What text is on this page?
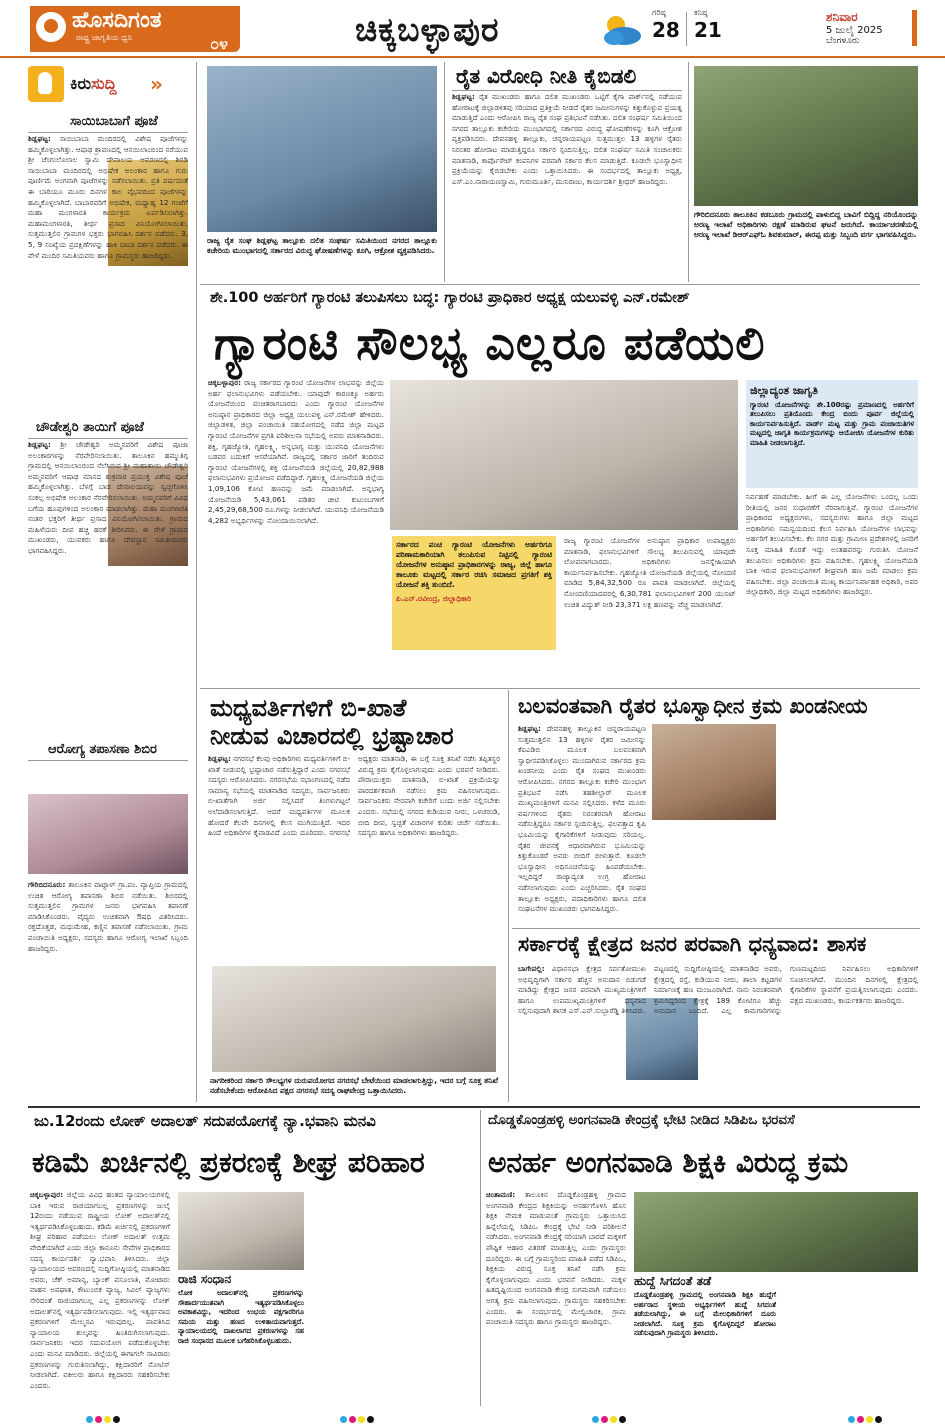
ಹೊಸದಿಗಂತ
ರಾಷ್ಟ್ರ ಜಾಗೃತಿಯ ಧ್ವನಿ	೦೪	ಚಿಕ್ಕಬಳ್ಳಾಪುರ	ಗರಿಷ್ಠ
28
ಕನಿಷ್ಠ
21
ಶನಿವಾರ
5 ಜುಲೈ 2025
ಬೆಂಗಳೂರು
ಕಿರುಸುದ್ದಿ »
ಸಾಯಿಬಾಬಾಗೆ ಪೂಜೆ
ಶಿಡ್ಲಘಟ್ಟ: ಸಾಯಿಬಾಬಾ ಮಂದಿರದಲ್ಲಿ ವಿಶೇಷ ಪೂಜೆಗಳನ್ನು ಹಮ್ಮಿಕೊಳ್ಳಲಾಗಿತ್ತು. ಆಷಾಢ ಶ್ರಾವಣದಲ್ಲಿ ಆನಯಿಲಾಂಬಿಂದ ನರೆಯುವ ಶ್ರೀ ಚೆಂಗುಲೊಲಾಲ ಸ್ವಾಮಿ ದೇವಾಲಯ ಆವರಣದಲ್ಲಿ ಶಿರಡಿ ಸಾಯಿಬಾಬಾ ಮಂದಿರದಲ್ಲಿ ಅಭಿಷೇಕ ಅಲಂಕಾರ ಹಾಗೂ ಗುರು ಪೂರ್ಣಿಮೆ ಅಂಗವಾಗಿ ಪೂಜೆಗಳನ್ನು ನಡೆಸಲಾಯಿತು. ಪ್ರತಿ ವರ್ಷದಂತೆ ಈ ಬಾರಿಯೂ ಮೂರು ದಿನಗಳ ಕಾಲ ವೈಭವದಿಂದ ಪೂಜೆಗಳನ್ನು ಹಮ್ಮಿಕೊಳ್ಳಲಾಗಿದೆ. ಬಾಬಾರವರಿಗೆ ಅಭಿಷೇಕ, ಮಧ್ಯಾಹ್ನ 12 ಗಂಟೆಗೆ ಮಹಾ ಮಂಗಳಾರತಿ ಕಾರ್ಯಕ್ರಮ ಏರ್ಪಡಿಸಲಾಗಿತ್ತು. ಮಹಾಮಂಗಳಾರತಿ, ತೀರ್ಥ ಪ್ರಸಾದ ವಿನಿಯೋಗಿಸಲಾಯಿತು. ಸುತ್ತಮುತ್ತಲಿನ ಗ್ರಾಮಗಳ ಭಕ್ತರು ಭಾಗವಹಿಸಿ ದರ್ಶನ ಪಡೆದರು. 3, 5, 9 ಸಂಖ್ಯೆಯ ಪ್ರದಕ್ಷಿಣೆಗಳನ್ನು ಹಾಕಿ ಬಾಬಾ ದರ್ಶನ ಪಡೆದರು. ಈ ವೇಳೆ ಮಂದಿರ ಸಮಿತಿಯವರು ಹಾಗೂ ಗ್ರಾಮಸ್ಥರು ಹಾಜರಿದ್ದರು.
ಚೌಡೇಶ್ವರಿ ತಾಯಿಗೆ ಪೂಜೆ
ಶಿಡ್ಲಘಟ್ಟ: ಶ್ರೀ ಚೌಡೇಶ್ವರಿ ಅಮ್ಮನವರಿಗೆ ವಿಶೇಷ ಪೂಜಾ ಅಲಂಕಾರಗಳನ್ನು ನೆರವೇರಿಸಲಾಯಿತು. ತಾಲೂಕಿನ ಹಮ್ಮುತಿಗ್ಗ ಗ್ರಾಮದಲ್ಲಿ ಆನಯಿಲಾಂಬಿಂದ ನೆಲೆಸಿರುವ ಶ್ರೀ ಮಹಾತಾಯಿ ಚೌಡೇಶ್ವರಿ ಅಮ್ಮನವರಿಗೆ ಆಷಾಢ ಮಾಸದ ಶುಕ್ರವಾರ ಪ್ರಯುಕ್ತ ವಿಶೇಷ ಪೂಜೆ ಹಮ್ಮಿಕೊಳ್ಳಲಾಗಿತ್ತು. ಬೆಳಗ್ಗೆ ಬಾಡ ದೇವಾಲಯವನ್ನು ಸ್ವಚ್ಛಗೊಳಿಸಿ ಸಂಕಲ್ಪ ಅಭಿಷೇಕ ಅಲಂಕಾರ ನೆರವೇರಿಸಲಾಯಿತು. ಅಮ್ಮನವರಿಗೆ ವಿವಿಧ ಬಗೆಯ ಹೂವುಗಳಿಂದ ಅಲಂಕಾರ ಮಾಡಲಾಗಿತ್ತು. ಮಹಾ ಮಂಗಳಾರತಿ ನಂತರ ಭಕ್ತರಿಗೆ ತೀರ್ಥ ಪ್ರಸಾದ ವಿನಿಯೋಗಿಸಲಾಯಿತು. ಗ್ರಾಮದ ಮಹಿಳೆಯರು ದೀಪ ಹಚ್ಚಿ ಹರಕೆ ತೀರಿಸಿದರು. ಈ ವೇಳೆ ಗ್ರಾಮದ ಮುಖಂಡರು, ಯುವಕರು ಹಾಗೂ ದೇವಸ್ಥಾನ ಸಮಿತಿಯವರು ಭಾಗವಹಿಸಿದ್ದರು.
ಆರೋಗ್ಯ ತಪಾಸಣಾ ಶಿಬಿರ
ಗೌರಿಬಿದನೂರು: ತಾಲೂಕಿನ ವಾಟ್ದಾಳ್ ಗ್ರಾ.ಪಂ. ವ್ಯಾಪ್ತಿಯ ಗ್ರಾಮದಲ್ಲಿ ಉಚಿತ ಆರೋಗ್ಯ ತಪಾಸಣಾ ಶಿಬಿರ ನಡೆಯಿತು. ಶಿಬಿರದಲ್ಲಿ ಸುತ್ತಮುತ್ತಲಿನ ಗ್ರಾಮಗಳ ಜನರು ಭಾಗವಹಿಸಿ ತಪಾಸಣೆ ಮಾಡಿಸಿಕೊಂಡರು. ವೈದ್ಯರು ಉಚಿತವಾಗಿ ಔಷಧಿ ವಿತರಿಸಿದರು. ರಕ್ತದೊತ್ತಡ, ಮಧುಮೇಹ, ಕಣ್ಣಿನ ತಪಾಸಣೆ ನಡೆಸಲಾಯಿತು. ಗ್ರಾಮ ಪಂಚಾಯಿತಿ ಅಧ್ಯಕ್ಷರು, ಸದಸ್ಯರು ಹಾಗೂ ಆರೋಗ್ಯ ಇಲಾಖೆ ಸಿಬ್ಬಂದಿ ಹಾಜರಿದ್ದರು.
ರಾಜ್ಯ ರೈತ ಸಂಘ ಶಿಡ್ಲಘಟ್ಟ ತಾಲ್ಲೂಕು ದಲಿತ ಸಂಘರ್ಷ ಸಮಿತಿಯಿಂದ ನಗರದ ತಾಲ್ಲೂಕು ಕಚೇರಿಯ ಮುಂಭಾಗದಲ್ಲಿ ಸರ್ಕಾರದ ವಿರುದ್ಧ ಘೋಷಣೆಗಳನ್ನು ಕೂಗಿ, ಆಕ್ರೋಶ ವ್ಯಕ್ತಪಡಿಸಿದರು.
ರೈತ ವಿರೋಧಿ ನೀತಿ ಕೈಬಿಡಲಿ
ಶಿಡ್ಲಘಟ್ಟ: ರೈತ ಮುಖಂಡರು ಹಾಗೂ ದಲಿತ ಮುಖಂಡರು ಒಟ್ಟಿಗೆ ಕೈಗಾ ಪಾರ್ಕ್‌ನಲ್ಲಿ ನಡೆಯುವ ಹೋರಾಟಕ್ಕೆ ಜಿಲ್ಲಾಡಳಿತವು ಸರಿಯಾದ ಪ್ರತಿಕ್ರಿಯೆ ನೀಡದೆ ರೈತರ ಜಮೀನುಗಳನ್ನು ಕಿತ್ತುಕೊಳ್ಳುವ ಪ್ರಯತ್ನ ಮಾಡುತ್ತಿದೆ ಎಂದು ಆರೋಪಿಸಿ ರಾಜ್ಯ ರೈತ ಸಂಘ ಪ್ರತಿಭಟನೆ ನಡೆಸಿತು. ದಲಿತ ಸಂಘರ್ಷ ಸಮಿತಿಯಿಂದ ನಗರದ ತಾಲ್ಲೂಕು ಕಚೇರಿಯ ಮುಂಭಾಗದಲ್ಲಿ ಸರ್ಕಾರದ ವಿರುದ್ಧ ಘೋಷಣೆಗಳನ್ನು ಕೂಗಿ ಆಕ್ರೋಶ ವ್ಯಕ್ತಪಡಿಸಿದರು. ದೇವನಹಳ್ಳಿ ತಾಲ್ಲೂಕು, ಚನ್ನರಾಯಪಟ್ಟಣ ಸುತ್ತಮುತ್ತಲ 13 ಹಳ್ಳಿಗಳ ರೈತರು ನಿರಂತರ ಹೋರಾಟ ಮಾಡುತ್ತಿದ್ದರೂ ಸರ್ಕಾರ ಸ್ಪಂದಿಸುತ್ತಿಲ್ಲ. ದಲಿತ ಸಂಘರ್ಷ ಸಮಿತಿ ಸಂಚಾಲಕರು ಮಾತನಾಡಿ, ಕಾರ್ಪೊರೇಟ್ ಕಂಪನಿಗಳ ಪರವಾಗಿ ಸರ್ಕಾರ ಕೆಲಸ ಮಾಡುತ್ತಿದೆ. ಕೂಡಲೇ ಭೂಸ್ವಾಧೀನ ಪ್ರಕ್ರಿಯೆಯನ್ನು ಕೈಬಿಡಬೇಕು ಎಂದು ಒತ್ತಾಯಿಸಿದರು. ಈ ಸಂದರ್ಭದಲ್ಲಿ ತಾಲ್ಲೂಕು ಅಧ್ಯಕ್ಷ, ಎಸ್.ಎಂ.ನಾರಾಯಣಸ್ವಾಮಿ, ಗುರುಮೂರ್ತಿ, ಮುನಿರಾಜು, ಕಾರ್ಯದರ್ಶಿ ಶ್ರೀಧರ್ ಹಾಜರಿದ್ದರು.
ಗೌರಿಬಿದನೂರು ತಾಲೂಕಿನ ಕಡಬೂರು ಗ್ರಾಮದಲ್ಲಿ ಪಾಳುಬಿದ್ದ ಬಾವಿಗೆ ಬಿದ್ದಿದ್ದ ನರಿಯೊಂದನ್ನು ಅರಣ್ಯ ಇಲಾಖೆ ಅಧಿಕಾರಿಗಳು ರಕ್ಷಣೆ ಮಾಡಿರುವ ಘಟನೆ ಜರುಗಿದೆ. ಕಾರ್ಯಾಚರಣೆಯಲ್ಲಿ ಅರಣ್ಯ ಇಲಾಖೆ ಡಿಆರ್‌ಎಫ್‌ಓ ಶಿವಕುಮಾರ್, ಈರಪ್ಪ ಮತ್ತು ಸಿಬ್ಬಂದಿ ವರ್ಗ ಭಾಗವಹಿಸಿದ್ದರು.
ಶೇ.100 ಅರ್ಹರಿಗೆ ಗ್ಯಾರಂಟಿ ತಲುಪಿಸಲು ಬದ್ಧ: ಗ್ಯಾರಂಟಿ ಪ್ರಾಧಿಕಾರ ಅಧ್ಯಕ್ಷ ಯಲುವಳ್ಳಿ ಎನ್.ರಮೇಶ್
ಗ್ಯಾರಂಟಿ ಸೌಲಭ್ಯ ಎಲ್ಲರೂ ಪಡೆಯಲಿ
ಚಿಕ್ಕಬಳ್ಳಾಪುರ: ರಾಜ್ಯ ಸರ್ಕಾರದ ಗ್ಯಾರಂಟಿ ಯೋಜನೆಗಳ ಲಾಭವನ್ನು ಜಿಲ್ಲೆಯ ಅರ್ಹ ಫಲಾನುಭವಿಗಳು ಪಡೆಯಬೇಕು. ಯಾವುದೇ ಕಾರಣಕ್ಕೂ ಅರ್ಹರು ಯೋಜನೆಯಿಂದ ವಂಚಿತರಾಗಬಾರದು ಎಂದು ಗ್ಯಾರಂಟಿ ಯೋಜನೆಗಳ ಅನುಷ್ಠಾನ ಪ್ರಾಧಿಕಾರದ ಜಿಲ್ಲಾ ಅಧ್ಯಕ್ಷ ಯಲುವಳ್ಳಿ ಎನ್.ರಮೇಶ್ ಹೇಳಿದರು. ಜಿಲ್ಲಾಡಳಿತ, ಜಿಲ್ಲಾ ಪಂಚಾಯಿತಿ ಸಹಯೋಗದಲ್ಲಿ ನಡೆದ ಜಿಲ್ಲಾ ಮಟ್ಟದ ಗ್ಯಾರಂಟಿ ಯೋಜನೆಗಳ ಪ್ರಗತಿ ಪರಿಶೀಲನಾ ಸಭೆಯಲ್ಲಿ ಅವರು ಮಾತನಾಡಿದರು. ಶಕ್ತಿ, ಗೃಹಜ್ಯೋತಿ, ಗೃಹಲಕ್ಷ್ಮಿ, ಅನ್ನಭಾಗ್ಯ ಮತ್ತು ಯುವನಿಧಿ ಯೋಜನೆಗಳು ಬಡವರ ಬದುಕಿಗೆ ಆಸರೆಯಾಗಿವೆ. ರಾಜ್ಯದಲ್ಲಿ ಸರ್ಕಾರ ಜಾರಿಗೆ ತಂದಿರುವ ಗ್ಯಾರಂಟಿ ಯೋಜನೆಗಳಲ್ಲಿ ಶಕ್ತಿ ಯೋಜನೆಯಡಿ ಜಿಲ್ಲೆಯಲ್ಲಿ 20,82,988 ಫಲಾನುಭವಿಗಳು ಪ್ರಯೋಜನ ಪಡೆದಿದ್ದಾರೆ. ಗೃಹಲಕ್ಷ್ಮಿ ಯೋಜನೆಯಡಿ ಜಿಲ್ಲೆಯ 1,09,106 ಕೋಟಿ ಹಣವನ್ನು ಜಮೆ ಮಾಡಲಾಗಿದೆ. ಅನ್ನಭಾಗ್ಯ ಯೋಜನೆಯಡಿ 5,43,061 ಪಡಿತರ ಚೀಟಿ ಕುಟುಂಬಗಳಿಗೆ 2,45,29,68,500 ರೂ.ಗಳನ್ನು ನೀಡಲಾಗಿದೆ. ಯುವನಿಧಿ ಯೋಜನೆಯಡಿ 4,282 ಅಭ್ಯರ್ಥಿಗಳನ್ನು ನೋಂದಾಯಿಸಲಾಗಿದೆ.
ಸರ್ಕಾರದ ಪಂಚ ಗ್ಯಾರಂಟಿ ಯೋಜನೆಗಳು ಅರ್ಹರಿಗೂ ಪರಿಣಾಮಕಾರಿಯಾಗಿ ತಲುಪಿಸುವ ನಿಟ್ಟಿನಲ್ಲಿ ಗ್ಯಾರಂಟಿ ಯೋಜನೆಗಳ ಅನುಷ್ಠಾನ ಪ್ರಾಧಿಕಾರಗಳನ್ನು ರಾಜ್ಯ, ಜಿಲ್ಲೆ ಹಾಗೂ ತಾಲೂಕು ಮಟ್ಟದಲ್ಲಿ ಸರ್ಕಾರ ರಚಿಸಿ ಸಮಾಜದ ಪ್ರಗತಿಗೆ ಶಕ್ತಿ ಯೋಜನೆ ಶಕ್ತಿ ತುಂಬಿದೆ.
ಪಿ.ಎನ್.ರವೀಂದ್ರ, ಜಿಲ್ಲಾಧಿಕಾರಿ
ರಾಜ್ಯ ಗ್ಯಾರಂಟಿ ಯೋಜನೆಗಳ ಅನುಷ್ಠಾನ ಪ್ರಾಧಿಕಾರ ಉಪಾಧ್ಯಕ್ಷರು ಮಾತನಾಡಿ, ಫಲಾನುಭವಿಗಳಿಗೆ ಸೌಲಭ್ಯ ತಲುಪಿಸುವಲ್ಲಿ ಯಾವುದೇ ಲೋಪವಾಗಬಾರದು. ಅಧಿಕಾರಿಗಳು ಜನಸ್ನೇಹಿಯಾಗಿ ಕಾರ್ಯನಿರ್ವಹಿಸಬೇಕು. ಗೃಹಜ್ಯೋತಿ ಯೋಜನೆಯಡಿ ಜಿಲ್ಲೆಯಲ್ಲಿ ನೋಂದಣಿ ಮಾಡಿದ 5,84,32,500 ರೂ ಪಾವತಿ ಮಾಡಲಾಗಿದೆ. ಜಿಲ್ಲೆಯಲ್ಲಿ ನೋಂದಣಿಯಾದವರಲ್ಲಿ 6,30,781 ಫಲಾನುಭವಿಗಳಿಗೆ 200 ಯುನಿಟ್ ಉಚಿತ ವಿದ್ಯುತ್ ನೀಡಿ 23,371 ಲಕ್ಷ ಹಣವನ್ನು ವೆಚ್ಚ ಮಾಡಲಾಗಿದೆ.
ಜಿಲ್ಲಾದ್ಯಂತ ಜಾಗೃತಿ
ಗ್ಯಾರಂಟಿ ಯೋಜನೆಗಳನ್ನು ಶೇ.100ರಷ್ಟು ಪ್ರಮಾಣದಲ್ಲಿ ಅರ್ಹರಿಗೆ ತಲುಪಿಸಲು ಪ್ರತಿಯೊಂದು ಕೇಂದ್ರ ಬಿಂದು ಪೂರ್ವ ಜಿಲ್ಲೆಯಲ್ಲಿ ಕಾರ್ಯನಿರ್ವಹಿಸುತ್ತಿದೆ. ವಾರ್ಡ್‌ ಮಟ್ಟ ಮತ್ತು ಗ್ರಾಮ ಪಂಚಾಯಿತಿಗಳ ಮಟ್ಟದಲ್ಲಿ ಜಾಗೃತಿ ಕಾರ್ಯಕ್ರಮಗಳನ್ನು ಆಯೋಜಿಸಿ ಯೋಜನೆಗಳ ಕುರಿತು ಮಾಹಿತಿ ನೀಡಲಾಗುತ್ತಿದೆ.
ನಿರ್ವಹಣೆ ಮಾಡಬೇಕು. ಹೀಗೆ ಈ ಎಲ್ಲ ಯೋಜನೆಗಳು ಒಂದಲ್ಲ ಒಂದು ರೀತಿಯಲ್ಲಿ ಜನರ ಸುಧಾರಣೆಗೆ ನೆರವಾಗುತ್ತಿವೆ. ಗ್ಯಾರಂಟಿ ಯೋಜನೆಗಳ ಪ್ರಾಧಿಕಾರದ ಅಧ್ಯಕ್ಷರುಗಳು, ಸದಸ್ಯರುಗಳು ಹಾಗೂ ಜಿಲ್ಲಾ ಮಟ್ಟದ ಅಧಿಕಾರಿಗಳು ಸಮನ್ವಯದಿಂದ ಕೆಲಸ ನಿರ್ವಹಿಸಿ ಯೋಜನೆಗಳ ಲಾಭವನ್ನು ಅರ್ಹರಿಗೆ ತಲುಪಿಸಬೇಕು. ಕೆಲ ನಗರ ಮತ್ತು ಗ್ರಾಮೀಣ ಪ್ರದೇಶಗಳಲ್ಲಿ ಜನರಿಗೆ ಸೂಕ್ತ ಮಾಹಿತಿ ಕೊರತೆ ಇದ್ದು ಅಂತಹವರನ್ನು ಗುರುತಿಸಿ ಯೋಜನೆ ತಲುಪಿಸಲು ಅಧಿಕಾರಿಗಳು ಕ್ರಮ ವಹಿಸಬೇಕು. ಗೃಹಲಕ್ಷ್ಮಿ ಯೋಜನೆಯಡಿ ಬಾಕಿ ಇರುವ ಫಲಾನುಭವಿಗಳಿಗೆ ಶೀಘ್ರವಾಗಿ ಹಣ ಜಮೆ ಮಾಡಲು ಕ್ರಮ ವಹಿಸಬೇಕು. ಜಿಲ್ಲಾ ಪಂಚಾಯಿತಿ ಮುಖ್ಯ ಕಾರ್ಯನಿರ್ವಾಹಕ ಅಧಿಕಾರಿ, ಅಪರ ಜಿಲ್ಲಾಧಿಕಾರಿ, ಜಿಲ್ಲಾ ಮಟ್ಟದ ಅಧಿಕಾರಿಗಳು ಹಾಜರಿದ್ದರು.
ಮಧ್ಯವರ್ತಿಗಳಿಗೆ ಬಿ-ಖಾತೆ
ನೀಡುವ ವಿಚಾರದಲ್ಲಿ ಭ್ರಷ್ಟಾಚಾರ
ಶಿಡ್ಲಘಟ್ಟ: ನಗರಸಭೆ ಕೆಲವು ಅಧಿಕಾರಿಗಳು ಮಧ್ಯವರ್ತಿಗಳಿಗೆ ಬಿ-ಖಾತೆ ನೀಡುವಲ್ಲಿ ಭ್ರಷ್ಟಾಚಾರ ನಡೆಸುತ್ತಿದ್ದಾರೆ ಎಂದು ನಗರಸಭೆ ಸದಸ್ಯರು ಆರೋಪಿಸಿದರು. ನಗರಸಭೆಯ ಸಭಾಂಗಣದಲ್ಲಿ ನಡೆದ ಸಾಮಾನ್ಯ ಸಭೆಯಲ್ಲಿ ಮಾತನಾಡಿದ ಸದಸ್ಯರು, ಸಾರ್ವಜನಿಕರು ಬಿ-ಖಾತೆಗಾಗಿ ಅರ್ಜಿ ಸಲ್ಲಿಸಿದರೆ ತಿಂಗಳುಗಟ್ಟಲೆ ಅಲೆದಾಡಿಸಲಾಗುತ್ತಿದೆ. ಆದರೆ ಮಧ್ಯವರ್ತಿಗಳ ಮೂಲಕ ಹೋದರೆ ಕೆಲವೇ ದಿನಗಳಲ್ಲಿ ಕೆಲಸ ಮುಗಿಯುತ್ತಿದೆ. ಇದರ ಹಿಂದೆ ಅಧಿಕಾರಿಗಳ ಕೈವಾಡವಿದೆ ಎಂದು ದೂರಿದರು. ನಗರಸಭೆ ಅಧ್ಯಕ್ಷರು ಮಾತನಾಡಿ, ಈ ಬಗ್ಗೆ ಸೂಕ್ತ ತನಿಖೆ ನಡೆಸಿ ತಪ್ಪಿತಸ್ಥರ ವಿರುದ್ಧ ಕ್ರಮ ಕೈಗೊಳ್ಳಲಾಗುವುದು ಎಂದು ಭರವಸೆ ನೀಡಿದರು. ಪೌರಾಯುಕ್ತರು ಮಾತನಾಡಿ, ಬಿ-ಖಾತೆ ಪ್ರಕ್ರಿಯೆಯನ್ನು ಪಾರದರ್ಶಕವಾಗಿ ನಡೆಸಲು ಕ್ರಮ ವಹಿಸಲಾಗುವುದು. ಸಾರ್ವಜನಿಕರು ನೇರವಾಗಿ ಕಚೇರಿಗೆ ಬಂದು ಅರ್ಜಿ ಸಲ್ಲಿಸಬೇಕು ಎಂದರು. ಸಭೆಯಲ್ಲಿ ನಗರದ ಕುಡಿಯುವ ನೀರು, ಒಳಚರಂಡಿ, ಬೀದಿ ದೀಪ, ಸ್ವಚ್ಛತೆ ವಿಚಾರಗಳ ಕುರಿತು ಚರ್ಚೆ ನಡೆಯಿತು. ಸದಸ್ಯರು ಹಾಗೂ ಅಧಿಕಾರಿಗಳು ಹಾಜರಿದ್ದರು.
ನಾಗರೀಕರಿಂದ ಸರ್ಕಾರಿ ಸೌಲಭ್ಯಗಳ ದುರುಪಯೋಗದ ನಗರಸಭೆ ಬೇಟೆಯಿಂದ ಮಾಡಲಾಗುತ್ತಿದ್ದು, ಇದರ ಬಗ್ಗೆ ಸೂಕ್ತ ತನಿಖೆ ನಡೆಸಬೇಕೆಂದು ಆರೋಪಿಸಿದ ಪಕ್ಷದ ನಗರಸಭೆ ಸದಸ್ಯ ರಾಘವೇಂದ್ರ ಒತ್ತಾಯಿಸಿದರು.
ಬಲವಂತವಾಗಿ ರೈತರ ಭೂಸ್ವಾಧೀನ ಕ್ರಮ ಖಂಡನೀಯ
ಶಿಡ್ಲಘಟ್ಟ: ದೇವನಹಳ್ಳಿ ತಾಲ್ಲೂಕಿನ ಚನ್ನರಾಯಪಟ್ಟಣ ಸುತ್ತಮುತ್ತಲಿನ 13 ಹಳ್ಳಿಗಳ ರೈತರ ಜಮೀನನ್ನು ಕೆಐಎಡಿಬಿ ಮೂಲಕ ಬಲವಂತವಾಗಿ ಸ್ವಾಧೀನಪಡಿಸಿಕೊಳ್ಳಲು ಮುಂದಾಗಿರುವ ಸರ್ಕಾರದ ಕ್ರಮ ಖಂಡನೀಯ ಎಂದು ರೈತ ಸಂಘದ ಮುಖಂಡರು ಆರೋಪಿಸಿದರು. ನಗರದ ತಾಲ್ಲೂಕು ಕಚೇರಿ ಮುಂಭಾಗ ಪ್ರತಿಭಟನೆ ನಡೆಸಿ ತಹಶೀಲ್ದಾರ್ ಮೂಲಕ ಮುಖ್ಯಮಂತ್ರಿಗಳಿಗೆ ಮನವಿ ಸಲ್ಲಿಸಿದರು. ಕಳೆದ ಮೂರು ವರ್ಷಗಳಿಂದ ರೈತರು ನಿರಂತರವಾಗಿ ಹೋರಾಟ ನಡೆಸುತ್ತಿದ್ದರೂ ಸರ್ಕಾರ ಸ್ಪಂದಿಸುತ್ತಿಲ್ಲ. ಫಲವತ್ತಾದ ಕೃಷಿ ಭೂಮಿಯನ್ನು ಕೈಗಾರಿಕೆಗಳಿಗೆ ನೀಡುವುದು ಸರಿಯಲ್ಲ. ರೈತರ ಜೀವನಕ್ಕೆ ಆಧಾರವಾಗಿರುವ ಭೂಮಿಯನ್ನು ಕಿತ್ತುಕೊಂಡರೆ ಅವರು ಬೀದಿಗೆ ಬೀಳುತ್ತಾರೆ. ಕೂಡಲೇ ಭೂಸ್ವಾಧೀನ ಅಧಿಸೂಚನೆಯನ್ನು ಹಿಂಪಡೆಯಬೇಕು. ಇಲ್ಲದಿದ್ದರೆ ರಾಜ್ಯಾದ್ಯಂತ ಉಗ್ರ ಹೋರಾಟ ನಡೆಸಲಾಗುವುದು ಎಂದು ಎಚ್ಚರಿಸಿದರು. ರೈತ ಸಂಘದ ತಾಲ್ಲೂಕು ಅಧ್ಯಕ್ಷರು, ಪದಾಧಿಕಾರಿಗಳು ಹಾಗೂ ದಲಿತ ಸಂಘಟನೆಗಳ ಮುಖಂಡರು ಭಾಗವಹಿಸಿದ್ದರು.
ಸರ್ಕಾರಕ್ಕೆ ಕ್ಷೇತ್ರದ ಜನರ ಪರವಾಗಿ ಧನ್ಯವಾದ: ಶಾಸಕ
ಬಾಗೇಪಲ್ಲಿ: ವಿಧಾನಸಭಾ ಕ್ಷೇತ್ರದ ಸರ್ವತೋಮುಖ ಅಭಿವೃದ್ಧಿಗಾಗಿ ಸರ್ಕಾರ ಹೆಚ್ಚಿನ ಅನುದಾನ ಬಿಡುಗಡೆ ಮಾಡಿದ್ದು ಕ್ಷೇತ್ರದ ಜನರ ಪರವಾಗಿ ಮುಖ್ಯಮಂತ್ರಿಗಳಿಗೆ ಹಾಗೂ ಉಪಮುಖ್ಯಮಂತ್ರಿಗಳಿಗೆ ಧನ್ಯವಾದ ಸಲ್ಲಿಸುವುದಾಗಿ ಶಾಸಕ ಎಸ್.ಎನ್.ಸುಬ್ಬಾರೆಡ್ಡಿ ತಿಳಿಸಿದರು. ಪಟ್ಟಣದಲ್ಲಿ ಸುದ್ದಿಗೋಷ್ಠಿಯಲ್ಲಿ ಮಾತನಾಡಿದ ಅವರು, ಕ್ಷೇತ್ರದಲ್ಲಿ ರಸ್ತೆ, ಕುಡಿಯುವ ನೀರು, ಶಾಲಾ ಕಟ್ಟಡಗಳ ನಿರ್ಮಾಣಕ್ಕೆ ಹಣ ಮಂಜೂರಾಗಿದೆ. ನಾನು ನಿರಂತರವಾಗಿ ಶ್ರಮಿಸಿದ್ದರಿಂದ ಕ್ಷೇತ್ರಕ್ಕೆ 189 ಕೋಟಿಗೂ ಹೆಚ್ಚು ಅನುದಾನ ಬಂದಿದೆ. ಎಲ್ಲ ಕಾಮಗಾರಿಗಳನ್ನು ಗುಣಮಟ್ಟದಿಂದ ನಿರ್ವಹಿಸಲು ಅಧಿಕಾರಿಗಳಿಗೆ ಸೂಚಿಸಲಾಗಿದೆ. ಮುಂದಿನ ದಿನಗಳಲ್ಲಿ ಕ್ಷೇತ್ರದಲ್ಲಿ ಕೈಗಾರಿಕೆಗಳ ಸ್ಥಾಪನೆಗೆ ಪ್ರಯತ್ನಿಸಲಾಗುವುದು ಎಂದರು. ಪಕ್ಷದ ಮುಖಂಡರು, ಕಾರ್ಯಕರ್ತರು ಹಾಜರಿದ್ದರು.
ಜು.12ರಂದು ಲೋಕ್ ಅದಾಲತ್ ಸದುಪಯೋಗಕ್ಕೆ ನ್ಯಾ.ಭವಾನಿ ಮನವಿ
ಕಡಿಮೆ ಖರ್ಚಿನಲ್ಲಿ ಪ್ರಕರಣಕ್ಕೆ ಶೀಘ್ರ ಪರಿಹಾರ
ಚಿಕ್ಕಬಳ್ಳಾಪುರ: ಜಿಲ್ಲೆಯ ವಿವಿಧ ಹಂತದ ನ್ಯಾಯಾಲಯಗಳಲ್ಲಿ ಬಾಕಿ ಇರುವ ರಾಜಿಯಾಗಬಲ್ಲ ಪ್ರಕರಣಗಳನ್ನು ಜುಲೈ 12ರಂದು ನಡೆಯುವ ರಾಷ್ಟ್ರೀಯ ಲೋಕ್ ಅದಾಲತ್‌ನಲ್ಲಿ ಇತ್ಯರ್ಥಪಡಿಸಿಕೊಳ್ಳಬಹುದು. ಕಡಿಮೆ ಖರ್ಚಿನಲ್ಲಿ ಪ್ರಕರಣಗಳಿಗೆ ಶೀಘ್ರ ಪರಿಹಾರ ಪಡೆಯಲು ಲೋಕ್ ಅದಾಲತ್ ಉತ್ತಮ ವೇದಿಕೆಯಾಗಿದೆ ಎಂದು ಜಿಲ್ಲಾ ಕಾನೂನು ಸೇವೆಗಳ ಪ್ರಾಧಿಕಾರದ ಸದಸ್ಯ ಕಾರ್ಯದರ್ಶಿ ನ್ಯಾ.ಭವಾನಿ ತಿಳಿಸಿದರು. ಜಿಲ್ಲಾ ನ್ಯಾಯಾಲಯದ ಆವರಣದಲ್ಲಿ ಸುದ್ದಿಗೋಷ್ಠಿಯಲ್ಲಿ ಮಾತನಾಡಿದ ಅವರು, ಚೆಕ್ ಅಮಾನ್ಯ, ಬ್ಯಾಂಕ್ ವಸೂಲಾತಿ, ಮೋಟಾರು ವಾಹನ ಅಪಘಾತ, ಕೌಟುಂಬಿಕ ವ್ಯಾಜ್ಯ, ಸಿವಿಲ್ ವ್ಯಾಜ್ಯಗಳು ಸೇರಿದಂತೆ ರಾಜಿಯಾಗಬಲ್ಲ ಎಲ್ಲ ಪ್ರಕರಣಗಳನ್ನು ಲೋಕ್ ಅದಾಲತ್‌ನಲ್ಲಿ ಇತ್ಯರ್ಥಪಡಿಸಲಾಗುವುದು. ಇಲ್ಲಿ ಇತ್ಯರ್ಥವಾದ ಪ್ರಕರಣಗಳಿಗೆ ಮೇಲ್ಮನವಿ ಇರುವುದಿಲ್ಲ. ಪಾವತಿಸಿದ ನ್ಯಾಯಾಲಯ ಶುಲ್ಕವನ್ನು ಹಿಂತಿರುಗಿಸಲಾಗುವುದು. ಸಾರ್ವಜನಿಕರು ಇದರ ಸದುಪಯೋಗ ಪಡೆದುಕೊಳ್ಳಬೇಕು ಎಂದು ಮನವಿ ಮಾಡಿದರು. ಜಿಲ್ಲೆಯಲ್ಲಿ ಈಗಾಗಲೇ ಸಾವಿರಾರು ಪ್ರಕರಣಗಳನ್ನು ಗುರುತಿಸಲಾಗಿದ್ದು, ಕಕ್ಷಿದಾರರಿಗೆ ನೋಟಿಸ್ ನೀಡಲಾಗಿದೆ. ವಕೀಲರು ಹಾಗೂ ಕಕ್ಷಿದಾರರು ಸಹಕರಿಸಬೇಕು ಎಂದರು.
ರಾಜಿ ಸಂಧಾನ
ಲೋಕ ಅದಾಲತ್‌ನಲ್ಲಿ ಪ್ರಕರಣಗಳನ್ನು ಸೌಹಾರ್ದಯುತವಾಗಿ ಇತ್ಯರ್ಥಪಡಿಸಿಕೊಳ್ಳಲು ಅವಕಾಶವಿದ್ದು, ಇದರಿಂದ ಉಭಯ ಪಕ್ಷಗಾರರಿಗೂ ಸಮಯ ಮತ್ತು ಹಣದ ಉಳಿತಾಯವಾಗುತ್ತದೆ. ನ್ಯಾಯಾಲಯದಲ್ಲಿ ದಾಖಲಾಗದ ಪ್ರಕರಣಗಳನ್ನು ಸಹ ರಾಜಿ ಸಂಧಾನದ ಮೂಲಕ ಬಗೆಹರಿಸಿಕೊಳ್ಳಬಹುದು.
ದೊಡ್ಡಕೊಂಡ್ರಹಳ್ಳಿ ಅಂಗನವಾಡಿ ಕೇಂದ್ರಕ್ಕೆ ಭೇಟಿ ನೀಡಿದ ಸಿಡಿಪಿಒ ಭರವಸೆ
ಅನರ್ಹ ಅಂಗನವಾಡಿ ಶಿಕ್ಷಕಿ ವಿರುದ್ಧ ಕ್ರಮ
ಚಿಂತಾಮಣಿ: ತಾಲೂಕಿನ ದೊಡ್ಡಕೊಂಡ್ರಹಳ್ಳಿ ಗ್ರಾಮದ ಅಂಗನವಾಡಿ ಕೇಂದ್ರದ ಶಿಕ್ಷಕಿಯನ್ನು ಅನರ್ಹಗೊಳಿಸಿ ಹೊಸ ಶಿಕ್ಷಕಿ ನೇಮಕ ಮಾಡುವಂತೆ ಗ್ರಾಮಸ್ಥರು ಒತ್ತಾಯಿಸಿದ ಹಿನ್ನೆಲೆಯಲ್ಲಿ ಸಿಡಿಪಿಒ ಕೇಂದ್ರಕ್ಕೆ ಭೇಟಿ ನೀಡಿ ಪರಿಶೀಲನೆ ನಡೆಸಿದರು. ಅಂಗನವಾಡಿ ಕೇಂದ್ರಕ್ಕೆ ಸರಿಯಾಗಿ ಬಾರದೆ ಮಕ್ಕಳಿಗೆ ಪೌಷ್ಟಿಕ ಆಹಾರ ವಿತರಣೆ ಮಾಡುತ್ತಿಲ್ಲ ಎಂದು ಗ್ರಾಮಸ್ಥರು ದೂರಿದ್ದರು. ಈ ಬಗ್ಗೆ ಗ್ರಾಮಸ್ಥರಿಂದ ಮಾಹಿತಿ ಪಡೆದ ಸಿಡಿಪಿಒ, ಶಿಕ್ಷಕಿಯ ವಿರುದ್ಧ ಸೂಕ್ತ ತನಿಖೆ ನಡೆಸಿ ಕ್ರಮ ಕೈಗೊಳ್ಳಲಾಗುವುದು ಎಂದು ಭರವಸೆ ನೀಡಿದರು. ಮಕ್ಕಳ ಹಿತದೃಷ್ಟಿಯಿಂದ ಅಂಗನವಾಡಿ ಕೇಂದ್ರ ಸುಗಮವಾಗಿ ನಡೆಯಲು ಅಗತ್ಯ ಕ್ರಮ ವಹಿಸಲಾಗುವುದು. ಗ್ರಾಮಸ್ಥರು ಸಹಕರಿಸಬೇಕು ಎಂದರು. ಈ ಸಂದರ್ಭದಲ್ಲಿ ಮೇಲ್ವಿಚಾರಕಿ, ಗ್ರಾಮ ಪಂಚಾಯಿತಿ ಸದಸ್ಯರು ಹಾಗೂ ಗ್ರಾಮಸ್ಥರು ಹಾಜರಿದ್ದರು.
ಹುದ್ದೆ ಸಿಗದಂತೆ ತಡೆ
ದೊಡ್ಡಕೊಂಡ್ರಹಳ್ಳಿ ಗ್ರಾಮದಲ್ಲಿ ಅಂಗನವಾಡಿ ಶಿಕ್ಷಕಿ ಹುದ್ದೆಗೆ ಅರ್ಹರಾದ ಸ್ಥಳೀಯ ಅಭ್ಯರ್ಥಿಗಳಿಗೆ ಹುದ್ದೆ ಸಿಗದಂತೆ ತಡೆಯಲಾಗಿದ್ದು, ಈ ಬಗ್ಗೆ ಮೇಲಧಿಕಾರಿಗಳಿಗೆ ದೂರು ನೀಡಲಾಗಿದೆ. ಸೂಕ್ತ ಕ್ರಮ ಕೈಗೊಳ್ಳದಿದ್ದರೆ ಹೋರಾಟ ನಡೆಸುವುದಾಗಿ ಗ್ರಾಮಸ್ಥರು ತಿಳಿಸಿದರು.
